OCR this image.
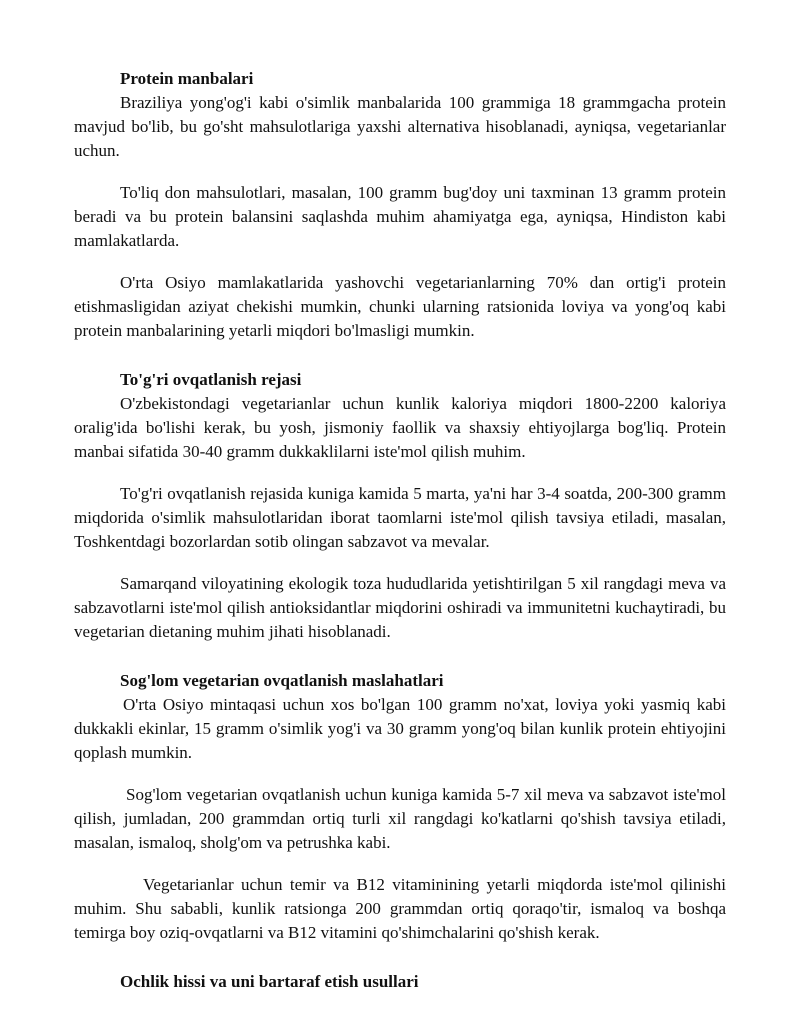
Protein manbalari

Braziliya yong'og'i kabi o'simlik manbalarida 100 grammiga 18 grammgacha protein mavjud bo'lib, bu go'sht mahsulotlariga yaxshi alternativa hisoblanadi, ayniqsa, vegetarianlar uchun.

To'liq don mahsulotlari, masalan, 100 gramm bug'doy uni taxminan 13 gramm protein beradi va bu protein balansini saqlashda muhim ahamiyatga ega, ayniqsa, Hindiston kabi mamlakatlarda.

O'rta Osiyo mamlakatlarida yashovchi vegetarianlarning 70% dan ortig'i protein etishmasligidan aziyat chekishi mumkin, chunki ularning ratsionida loviya va yong'oq kabi protein manbalarining yetarli miqdori bo'lmasligi mumkin.

To'g'ri ovqatlanish rejasi

O'zbekistondagi vegetarianlar uchun kunlik kaloriya miqdori 1800-2200 kaloriya oralig'ida bo'lishi kerak, bu yosh, jismoniy faollik va shaxsiy ehtiyojlarga bog'liq. Protein manbai sifatida 30-40 gramm dukkaklilarni iste'mol qilish muhim.

To'g'ri ovqatlanish rejasida kuniga kamida 5 marta, ya'ni har 3-4 soatda, 200-300 gramm miqdorida o'simlik mahsulotlaridan iborat taomlarni iste'mol qilish tavsiya etiladi, masalan, Toshkentdagi bozorlardan sotib olingan sabzavot va mevalar.

Samarqand viloyatining ekologik toza hududlarida yetishtirilgan 5 xil rangdagi meva va sabzavotlarni iste'mol qilish antioksidantlar miqdorini oshiradi va immunitetni kuchaytiradi, bu vegetarian dietaning muhim jihati hisoblanadi.

Sog'lom vegetarian ovqatlanish maslahatlari

O'rta Osiyo mintaqasi uchun xos bo'lgan 100 gramm no'xat, loviya yoki yasmiq kabi dukkakli ekinlar, 15 gramm o'simlik yog'i va 30 gramm yong'oq bilan kunlik protein ehtiyojini qoplash mumkin.

Sog'lom vegetarian ovqatlanish uchun kuniga kamida 5-7 xil meva va sabzavot iste'mol qilish, jumladan, 200 grammdan ortiq turli xil rangdagi ko'katlarni qo'shish tavsiya etiladi, masalan, ismaloq, sholg'om va petrushka kabi.

Vegetarianlar uchun temir va B12 vitaminining yetarli miqdorda iste'mol qilinishi muhim. Shu sababli, kunlik ratsionga 200 grammdan ortiq qoraqo'tir, ismaloq va boshqa temirga boy oziq-ovqatlarni va B12 vitamini qo'shimchalarini qo'shish kerak.

Ochlik hissi va uni bartaraf etish usullari
